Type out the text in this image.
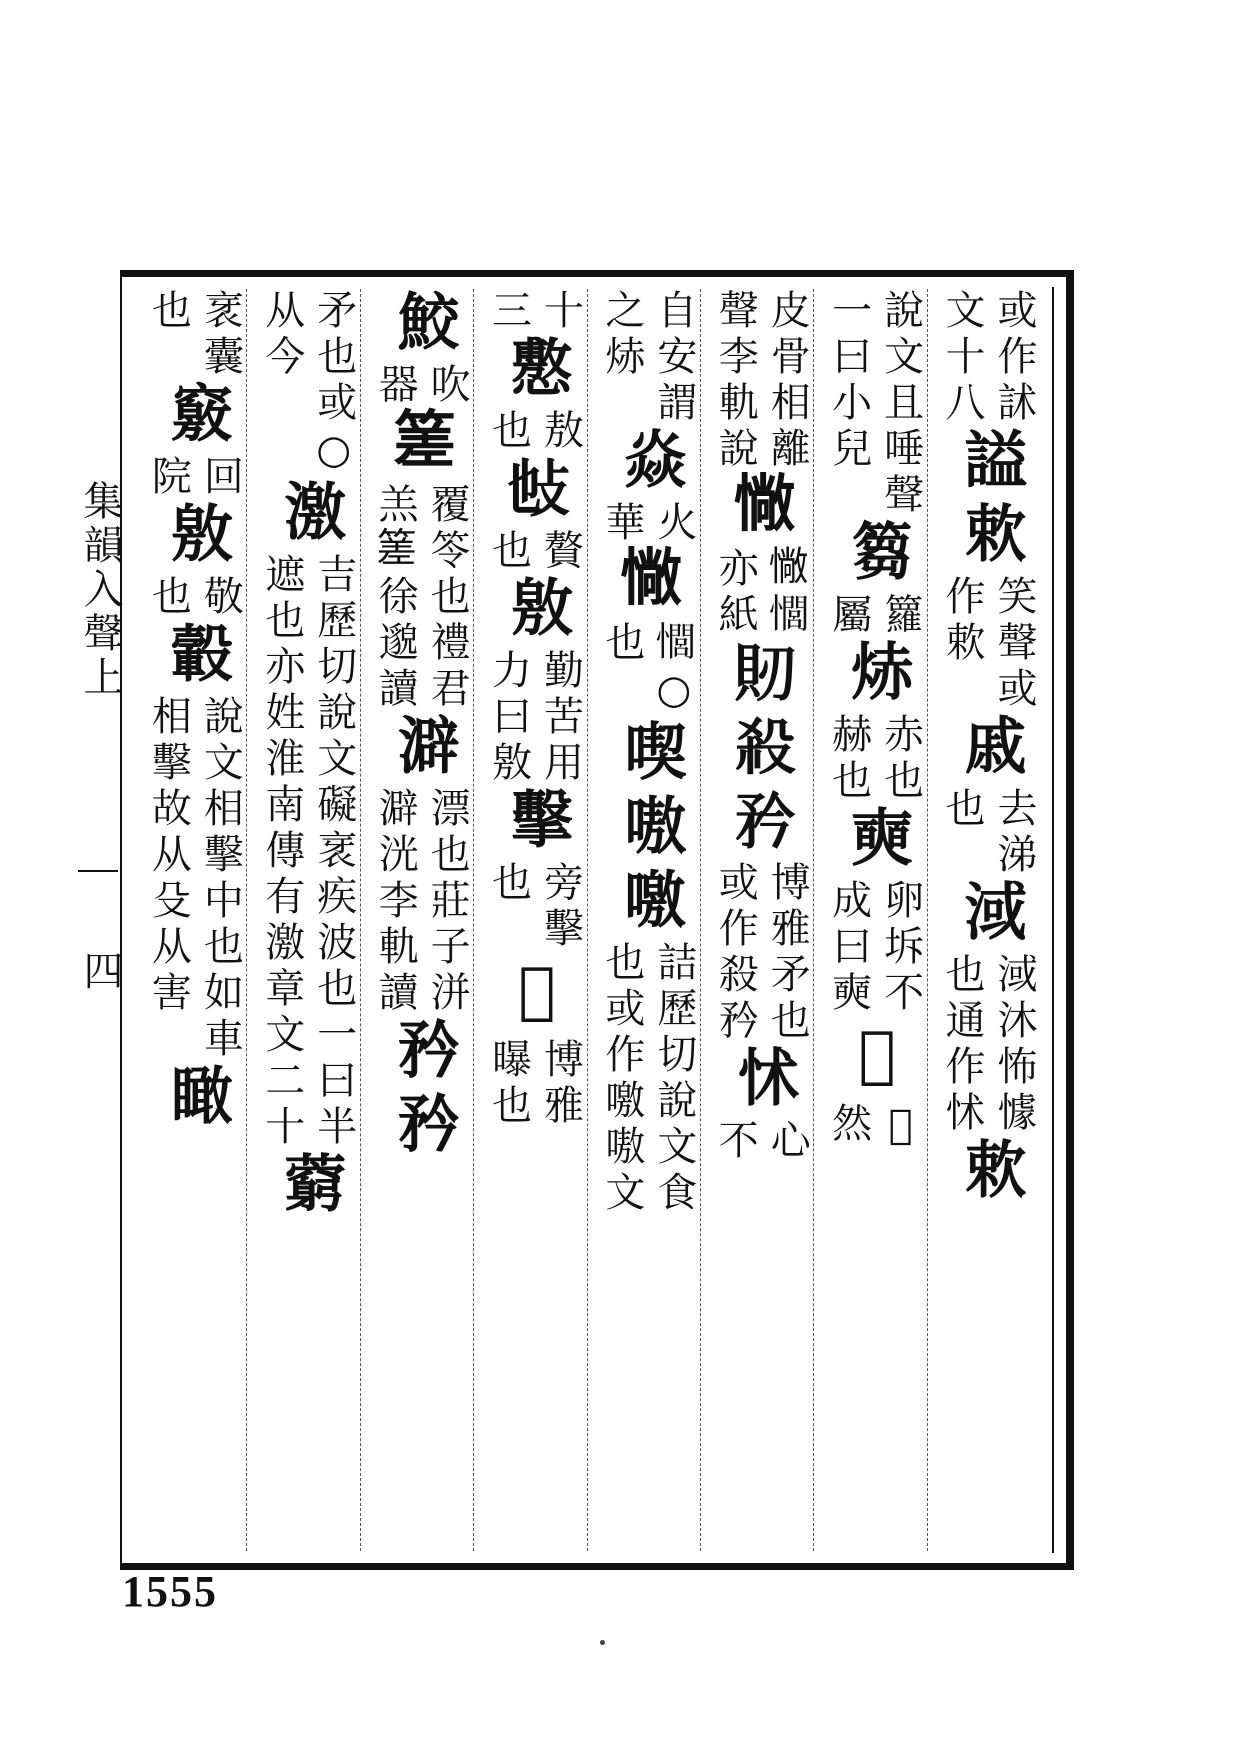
或作
文十
訹
八
謚欶
笑聲或
作欶
戚
去涕
也
淢
淢沐怖懅
也通作怵
欶
說文且唾聲
一曰小兒
篘
籮
屬
焃
赤也
赫也
奭
卵坼不
成曰奭
𥿀
𥿀
然
皮骨相離
聲李軌說
𢠵
𢠵𢣻
亦紙
𧴬殺矜
博雅矛也
或作殺矜
怵
心
不
自安謂
之焃
焱
火
華
𢠵
𢣻
也
○
喫嗷噭
詰歷切說文食
也或作噭嗷文
十
三
懯
敖
也
𢻫
贅
也
敫
勤苦用
力曰敫
擊
旁擊
也
𤓰
博雅
曝也
鮫
吹
器
𥰭
覆笭也禮君
羔𥰭徐邈讀
澼
漂也莊子洴
澼洸李軌讀
矜矜
矛也或
从今
○
激
吉歷切說文礙衺疾波也一曰半
遮也亦姓淮南傳有激章文二十
藭
衺
也
囊
竅
回
院
敫
敬
也
轂
說文相擊中也如車
相擊故从殳从害
瞰
集韻入聲上
四
1555
